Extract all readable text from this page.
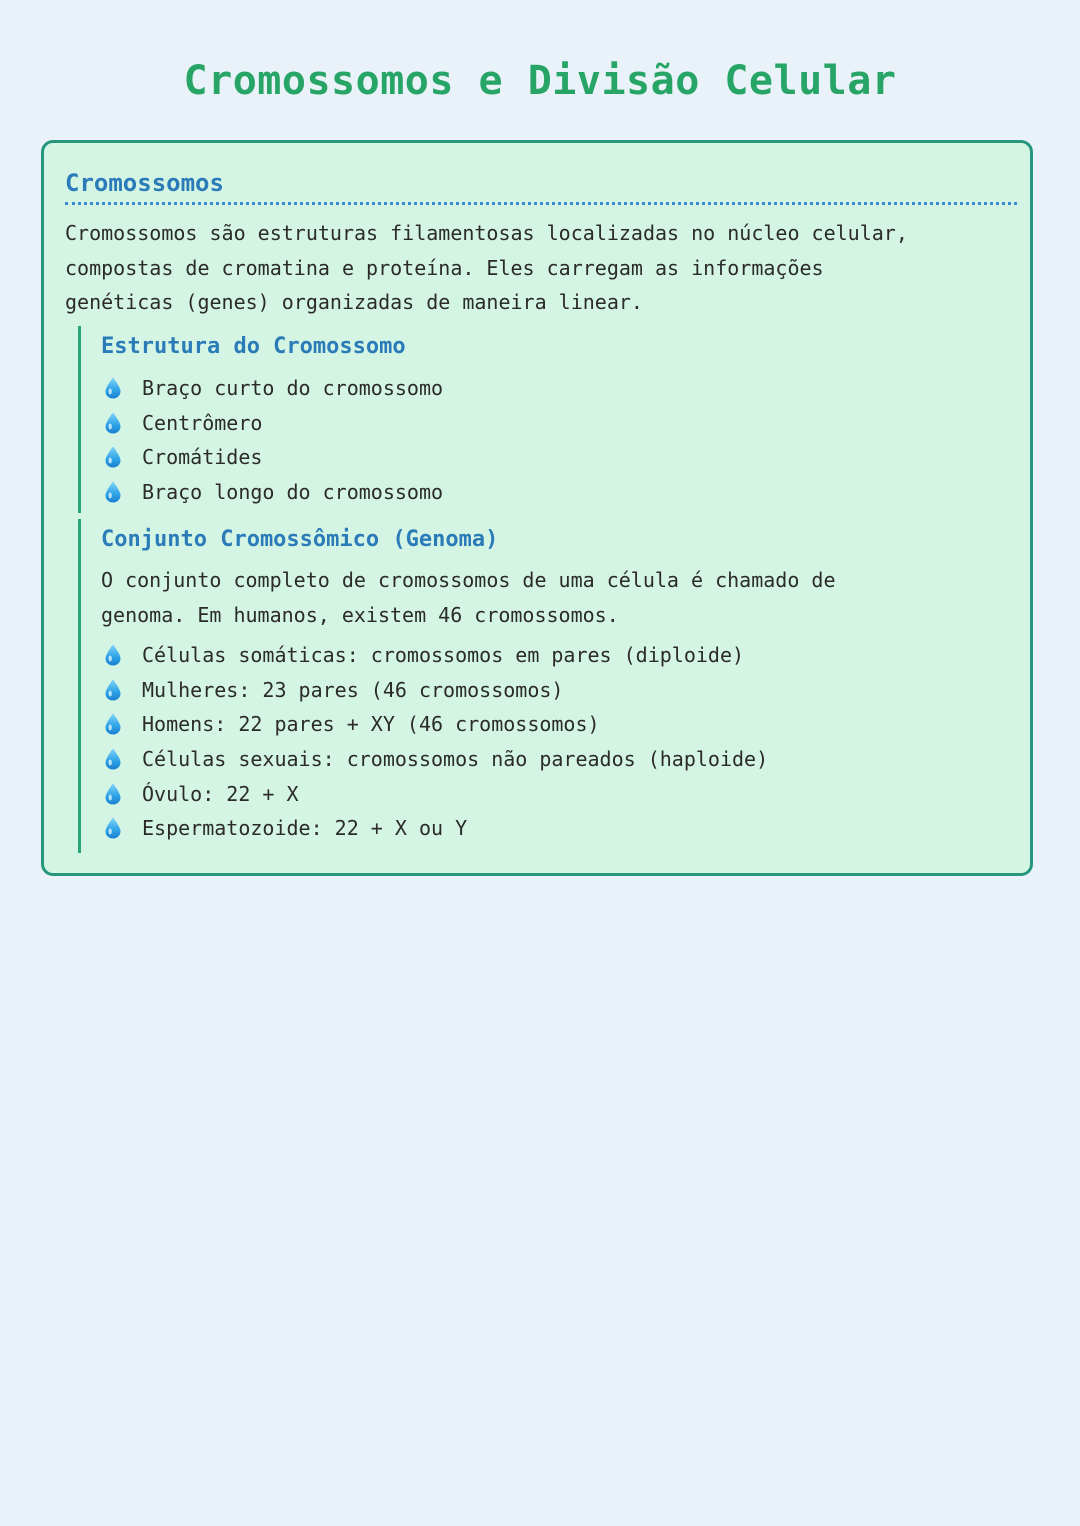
Cromossomos e Divisão Celular
Cromossomos

Cromossomos são estruturas filamentosas localizadas no núcleo celular,
compostas de cromatina e proteína. Eles carregam as informações
genéticas (genes) organizadas de maneira linear.

Estrutura do Cromossomo
Braço curto do cromossomo
Centrômero
Cromátides
Braço longo do cromossomo
Conjunto Cromossômico (Genoma)

O conjunto completo de cromossomos de uma célula é chamado de
genoma. Em humanos, existem 46 cromossomos.

Células somáticas: cromossomos em pares (diploide)
Mulheres: 23 pares (46 cromossomos)
Homens: 22 pares + XY (46 cromossomos)
Células sexuais: cromossomos não pareados (haploide)
Óvulo: 22 + X
Espermatozoide: 22 + X ou Y
